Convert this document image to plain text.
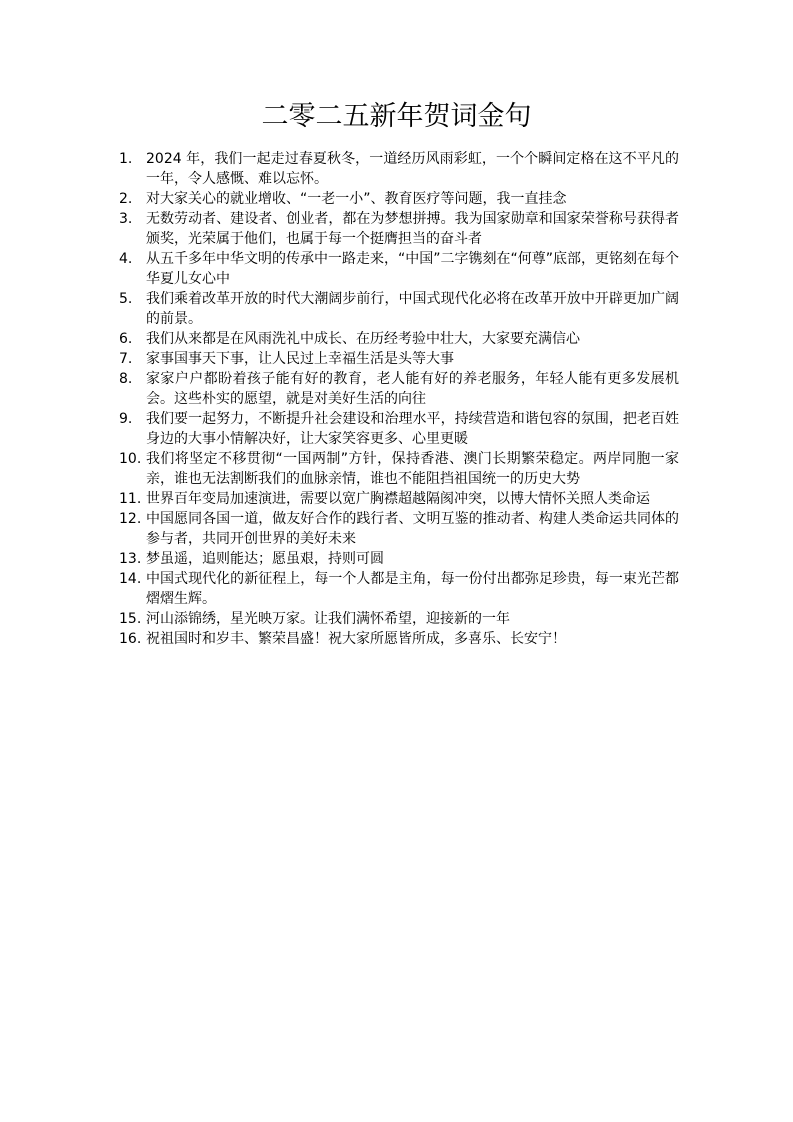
二零二五新年贺词金句
1. 2024 年，我们一起走过春夏秋冬，一道经历风雨彩虹，一个个瞬间定格在这不平凡的一年，令人感慨、难以忘怀。
2. 对大家关心的就业增收、“一老一小”、教育医疗等问题，我一直挂念
3. 无数劳动者、建设者、创业者，都在为梦想拼搏。我为国家勋章和国家荣誉称号获得者颁奖，光荣属于他们，也属于每一个挺膺担当的奋斗者
4. 从五千多年中华文明的传承中一路走来，“中国”二字镌刻在“何尊”底部，更铭刻在每个华夏儿女心中
5. 我们乘着改革开放的时代大潮阔步前行，中国式现代化必将在改革开放中开辟更加广阔的前景。
6. 我们从来都是在风雨洗礼中成长、在历经考验中壮大，大家要充满信心
7. 家事国事天下事，让人民过上幸福生活是头等大事
8. 家家户户都盼着孩子能有好的教育，老人能有好的养老服务，年轻人能有更多发展机会。这些朴实的愿望，就是对美好生活的向往
9. 我们要一起努力，不断提升社会建设和治理水平，持续营造和谐包容的氛围，把老百姓身边的大事小情解决好，让大家笑容更多、心里更暖
10. 我们将坚定不移贯彻“一国两制”方针，保持香港、澳门长期繁荣稳定。两岸同胞一家亲，谁也无法割断我们的血脉亲情，谁也不能阻挡祖国统一的历史大势
11. 世界百年变局加速演进，需要以宽广胸襟超越隔阂冲突，以博大情怀关照人类命运
12. 中国愿同各国一道，做友好合作的践行者、文明互鉴的推动者、构建人类命运共同体的参与者，共同开创世界的美好未来
13. 梦虽遥，追则能达；愿虽艰，持则可圆
14. 中国式现代化的新征程上，每一个人都是主角，每一份付出都弥足珍贵，每一束光芒都熠熠生辉。
15. 河山添锦绣，星光映万家。让我们满怀希望，迎接新的一年
16. 祝祖国时和岁丰、繁荣昌盛！祝大家所愿皆所成，多喜乐、长安宁！
